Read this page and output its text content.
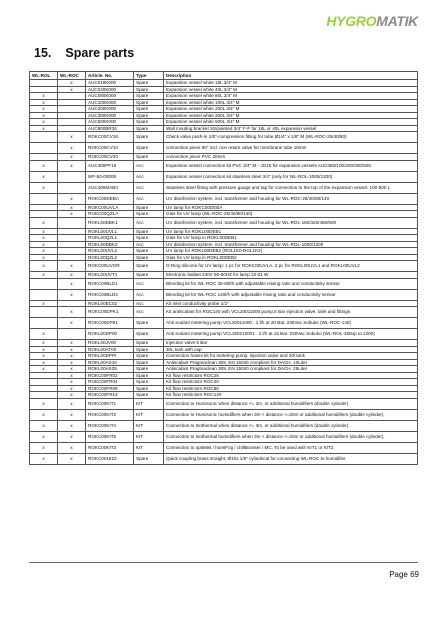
HYGROMATIK
15. Spare parts
WL-ROL	WL-ROC	Article. No.	Type	Description
	x	AUC018K000	Spare	Expansion vessel white 18L 3/4" M
	x	AUC040K000	Spare	Expansion vessel white 40L 3/4" M
x		AUC080K000	Spare	Expansion vessel white 80L 3/4" M
x		AUC100K000	Spare	Expansion vessel white 100L 3/4" M
x		AUC200K000	Spare	Expansion vessel white 200L 3/4" M
x		AUC300K000	Spare	Expansion vessel white 300L 3/4" M
x		AUC500K000	Spare	Expansion vessel white 500L 3/4" M
x		AUC800BR34	Spare	Wall mouting bracket SS/painted 3/4" F-F for 18L or 40L expansion vessel
	x	ROKC00CV18	Spare	Check valve push-in 1/8"-compression fitting for tube Ø1/4" x 1/8" M (WL-ROC-25/40/80)
	x	ROKC00CV10	Spare	connection piece 90° incl. non return valve for membrane tube 10mm
	x	ROKC00CV20	Spare	connection piece PVC 20mm
x	x	AUC400PF15	Acc	Expansion vessel connection kit PVC 3/4" M - JG15 for expansion vessels AUC080/100/200/300/500
x		WF-50-00005	Acc	Expansion vessel connection kit stainless steel 3/4" (only for WL-ROL-1000/1200)
x		AUC400MABV	Acc	Stainless steel fitting with pressure gauge and tap for connection to the top of the expansion vessel. 100-500 L
	x	ROKC00DEBA	Acc	UV disinfection system. incl. transformer and housing for WL-ROC-25/40/80/140
	x	ROKC00UVLA	Spare	UV lamp for ROKC00DEBA
	x	ROKC00QZLA	Spare	Glas for UV lamp (WL-ROC-25/40/80/140)
x		ROKL00DBK1	Acc	UV disinfection system. incl. transformer and housing for WL-ROL-160/320/460/600
x		ROKL00UVL1	Spare	UV lamp for ROKL00DEB1
x		ROKL00QZL1	Spare	Glas for UV lamp in ROKL00DEB1
x		ROKL00DBK2	Acc	UV disinfection system. incl. transformer and housing for WL-ROL-1000/1200
x		ROKL00UVL2	Spare	UV lamp for ROKL00DEB2 (ROL1K0-ROL1K2)
x		ROKL00QZL2	Spare	Glas for UV lamp in ROKL00DEB2
x	x	ROKC00UVOR	Spare	O-Ring silicone for UV lamp: 1 pc for ROKC00UVLA, 2 pc for ROKL00UVL1 and ROKL00UVL2
x	x	ROKL00UVT1	Spare	Electronic ballast 230V 50-60HZ for lamp 10-21 W
	x	ROKC00BLD1	Acc	Blending kit for WL-ROC 25-80l/h with adjustable mixing ratio and conductivity sensor
	x	ROKC00BLD2	Acc	Blending kit for WL-ROC 140l/h with adjustable mixing ratio and conductivity sensor
x		ROKL00EC02	Acc	Kit inlet conductivity probe 1/2"
	x	ROKC00DPK1	Acc	Kit antiscalant for ROC140 with VCL20011000 pump,5 Bar injection valve, tank and fittings
	x	ROKC00DP61	Spare	Anti scalant metering pump VCL20011000 . 1 l/h at 20 Bar. 230Vac Sobuko (WL-ROC-140)
x		ROKL00DP00	Spare	Anti scalant metering pump VCL150210001 . 2 l/h at 15 Bar. 230Vac Sobuko (WL-ROL-160up to 1200)
x	x	ROKL00JV00	Spare	Injection valve 5 Bar
x	x	ROKL00AT00	Spare	20L tank with cap
x	x	ROKL00DPPI	Spare	Connection hoses kit for metering pump, injection valve and 20l tank
x	x	ROKL00AS10	Spare	Antiscalant Pragmaclean 309, EN 15040 compliant for DACH. 10Liter
x	x	ROKL00AS25	Spare	Antiscalant Pragmaclean 309, EN 15040 compliant for DACH. 25Liter
	x	ROKC00FR02	Spare	Kit flow restrictors ROC25
	x	ROKC00FR04	Spare	Kit flow restrictors ROC40
	x	ROKC00FR08	Spare	Kit flow restrictors ROC80
	x	ROKC00FR14	Spare	Kit flow restrictors ROC140
x	x	ROKC00KIT1	KIT	Connection to Humisonic when distance <= 3m, or additional humidifiers (double cylinder).
x	x	ROKC00KIT2	KIT	Connection to Humisonic humidifiers when 3m < distance <=20m or additional humidifiers (double cylinder).
x	x	ROKC00KIT4	KIT	Connection to Isothermal when distance <= 3m, or additional humidifiers (double cylinder).
x	x	ROKC00KIT5	KIT	Connection to Isothermal humidifiers when 3m < distance <=20m or additional humidifiers (double cylinder).
x	x	ROKC00KIT3	KIT	Connection to optiMist / humiFog / chillBooster / MC. To be used with KIT1 or KIT2
x	x	ROKC001810	Spare	Quick coupling brass straight, Ø10x 1/8" cylindrical for connecting WL-ROC to humidifier
Page 69
